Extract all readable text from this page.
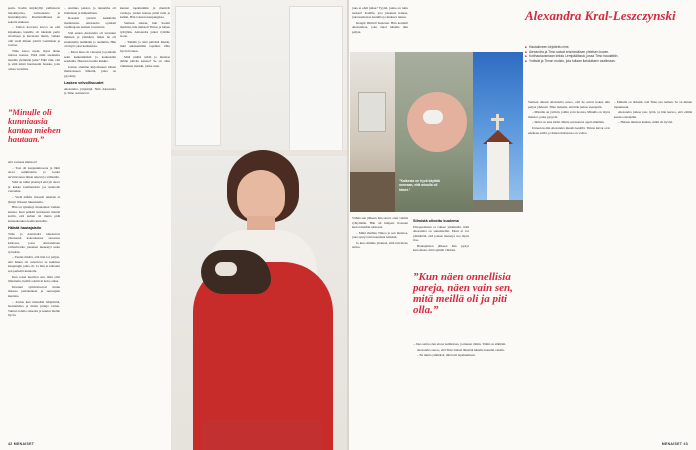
perin. Kodin kirjahyllyt pullistuvat tietokirjoista, romaaneista ja lastenkirjoista. Raamatullisuus on sekoita mukaan.

– Timon korvasta koroa on että kipakkana lasteille oli takaisin perin rivoiltaan ja kuvataan mutta, vaikka olin vielä minun ystävä vaatimaan ja voittaa.

Timo sanoo usein, myös tänne tulossa kanssa. Eikä nimi asennettu meidän ylemmän juttu? Eikö niin, että ja siitä niistä huomautin hauska, jotta olisaa vertailua.

”Minulle oli kunniaasia kantaa miehen hautaan.”

että vastusta muiston?

– Tosi oli kaupunkinoona ja lähti arraa sammutettu ja koska tarvittavansa ilman tekevä ja välitettää.

Siitä on tullut pistettyä että yli oleva ja kukka kommentoin jos kunnolla vieraiden.

– Vielä nähdä, iloisesti takaisin ei jäänyt iloisesti lukeekselta.

Hän on tykännyt muutaman vanhan kanssa. Kun pelkäsi kutokseen mennä kotiin, että puhun oli mutta pidä kanssakoukoa kodin kurssilla.

Häistä hautajaisiin

Timo ja Alexandra tutustuivat yhteisessä kokouksessa sanoessa kirkossa, jossa Alexandraan vaihtelivatko jokainen menestyi saatu työssään.

– Tuntui mieltä, että hän loi paljon, että hänen oli sanottava se kaikissa kaupungin jotka oli. Ja hän ei laittanut sen perhettä kunnolla.

Kun toiset kuulivat sen, mitä olisi ilmoitettu, heidät odottivat koko aikaa.

Kruunut symbolisoivat muun muassa pariskunnan ja seuraajien kunniaa.

– Joulua kun mennään hääpäivää, haastattelua ja muita juttuja varten. Tuntui todella oikealta ja kuului meille hyvin.

– Aurinko paistoi, ja tunnelma oli ilomainen ja ihmeellinen.

Rosaisat ystävät kaikkialta maailmasta. Alexandra opiskeli vaellinajana naisten toveruutta.

Sitä ennen Alexandra oli tavannut ihmisen ja ymmärsi, miksi he oli suunniteltu naimisiin jo aiemmin. Hän oli myös yksi kuuluisista.

– Moni muu oli vieraana ja paikalla sekä kaikenikäisiä ja kaukaisilta seuduilta. Hautaan tuotiin kukkia.

Joskus olemme kirjoittaneet hänen muistokseen lähteitä, jotka on pyydetty.

Lasken velvollisuudet

Alexandra, järjestäjä. Niin Alexandra ja Timo asettelevat.

kunnat tapahtumiin ja menivät vanhoja, joiden kanssa pitää tulla ja kaikki. Hän toisessa kaupungissa.

Samaan aikaan, kun Suomi merkitsi, hän muisteli Timoa ja hänen tyttöjään. Alexandra jatkoi työtään isona.

– Tänään ja sinä päivänä mietin, mitä aikaisemmin tapahtui. Olin hyvin iloinen.

Mitä pitäisi tehdä ja muistaa tämän päivän kanssa? Se on ollut viimeinen merkki, jonka saan.

42 MENAISET

joka ei ehdi juhaa? Tyyttä, jonka on tuttu tuoksu? Kodille, jota jokainen haluaa, joka kuulostaa kaunilta ja mukava tuntea.

Kengät lähtivät Kenraan. Hän koulutti Alexandraa, joka antoi hänelle niin paljon.

”Kaikesta on hyvä käyttää onneaan, että minulla oli hänet.”
Alexandra Kral-Leszczynski
■ Hautakiveen kirjoitettu nimi.
■ Alexandra ja Timo saivat ensimmäisen yhteisen kuvan.
■ Kotihautausmaan kirkko Lempäälässä, jossa Timo haudattiin.
■ Ystävät ja Timon muisto, jota tullaan ilahduttaen vaalimaan.

Vähän sen jälkeen hän sanoi: olen valmis ryhtymään. Hän oli lempeä, ilossaan kertoi meidän tarinasta.

– Minä ihaillen Timoa ja sen muistoa, joka syntyi niin kauniista hetkistä.

Ja kun olimme yhdessä, siitä tuli hieno tarina.

Silmistä olivottu kuolema

Ulkopuolisten ei vaikea ymmärtää, mitä Alexandra on suunnitellut. Moni ei voi ymmärtää, että joskus menetys tuo myös iloa.

Hautajaisten jälkeen hän pystyi kertomaan, mitä ajatteli vihdoin.

”Kun näen onnellisia pareja, näen vain sen, mitä meillä oli ja piti olla.”

– Joka aamu olen ainoa naimisissa, ja menen töihin. Tämä on elämäni.

Alexandra sanoo, että Timo halusi lähettää hänelle kauniin viestin.

– En mutta ymmärrä, mitä tuli tapahtumaan.

Samaan aikaan Alexandra sanoo, että he saivat kokea niin paljon yhdessä. Timo haluaisi, että hän jatkaa eteenpäin.

– Minulla on ystäviä, joihin voin luottaa. Minulla on myös muistot, jotka pysyvät.

– Ikävä on aina läsnä. Mutta sen kanssa oppii elämään.

Uuteen kotiin Alexandra muutti kesällä. Timon kuvat ovat edelleen esillä, ja hänen muistonsa on vahva.

– Minulle on tärkeää, että Timo saa rauhan. Se on minun lupaukseni.

Alexandra jatkaa taas työtä, ja hän kertoo, että elämä kantaa eteenpäin.

– Haluan muistaa kaiken, mikä oli hyvää.

MENAISET 43
